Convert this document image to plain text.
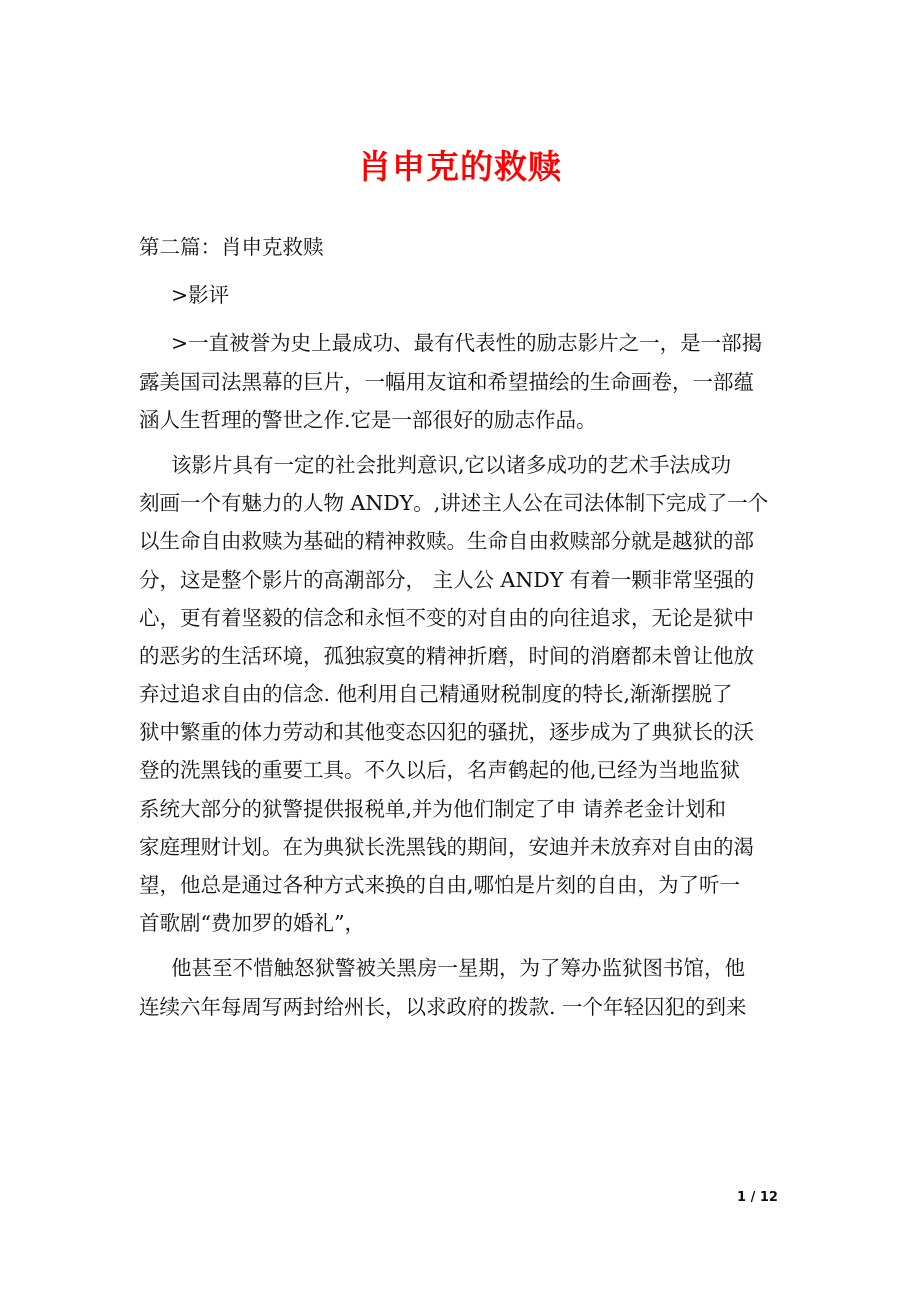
肖申克的救赎
第二篇：肖申克救赎
>影评
>一直被誉为史上最成功、最有代表性的励志影片之一，是一部揭
露美国司法黑幕的巨片，一幅用友谊和希望描绘的生命画卷，一部蕴
涵人生哲理的警世之作.它是一部很好的励志作品。
该影片具有一定的社会批判意识,它以诸多成功的艺术手法成功
刻画一个有魅力的人物 ANDY。,讲述主人公在司法体制下完成了一个
以生命自由救赎为基础的精神救赎。生命自由救赎部分就是越狱的部
分，这是整个影片的高潮部分， 主人公 ANDY 有着一颗非常坚强的
心，更有着坚毅的信念和永恒不变的对自由的向往追求，无论是狱中
的恶劣的生活环境，孤独寂寞的精神折磨，时间的消磨都未曾让他放
弃过追求自由的信念. 他利用自己精通财税制度的特长,渐渐摆脱了
狱中繁重的体力劳动和其他变态囚犯的骚扰，逐步成为了典狱长的沃
登的洗黑钱的重要工具。不久以后，名声鹤起的他,已经为当地监狱
系统大部分的狱警提供报税单,并为他们制定了申 请养老金计划和
家庭理财计划。在为典狱长洗黑钱的期间，安迪并未放弃对自由的渴
望，他总是通过各种方式来换的自由,哪怕是片刻的自由，为了听一
首歌剧“费加罗的婚礼”，
他甚至不惜触怒狱警被关黑房一星期，为了筹办监狱图书馆，他
连续六年每周写两封给州长，以求政府的拨款. 一个年轻囚犯的到来
1 / 12
